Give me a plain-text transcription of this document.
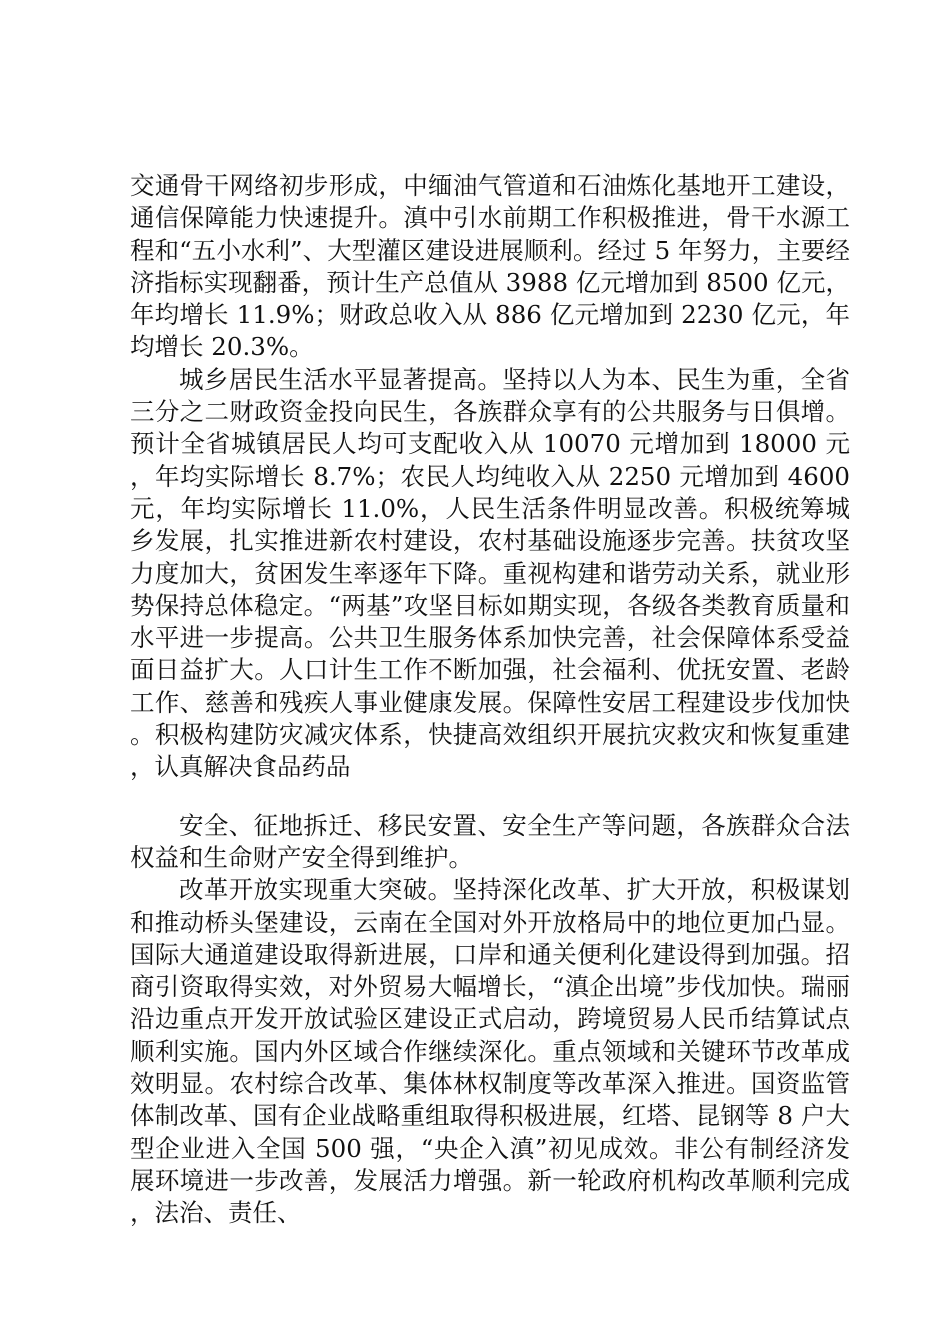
交通骨干网络初步形成，中缅油气管道和石油炼化基地开工建设，通信保障能力快速提升。滇中引水前期工作积极推进，骨干水源工程和“五小水利”、大型灌区建设进展顺利。经过 5 年努力，主要经济指标实现翻番，预计生产总值从 3988 亿元增加到 8500 亿元，年均增长 11.9%；财政总收入从 886 亿元增加到 2230 亿元，年均增长 20.3%。

城乡居民生活水平显著提高。坚持以人为本、民生为重，全省三分之二财政资金投向民生，各族群众享有的公共服务与日俱增。预计全省城镇居民人均可支配收入从 10070 元增加到 18000 元，年均实际增长 8.7%；农民人均纯收入从 2250 元增加到 4600 元，年均实际增长 11.0%，人民生活条件明显改善。积极统筹城乡发展，扎实推进新农村建设，农村基础设施逐步完善。扶贫攻坚力度加大，贫困发生率逐年下降。重视构建和谐劳动关系，就业形势保持总体稳定。“两基”攻坚目标如期实现，各级各类教育质量和水平进一步提高。公共卫生服务体系加快完善，社会保障体系受益面日益扩大。人口计生工作不断加强，社会福利、优抚安置、老龄工作、慈善和残疾人事业健康发展。保障性安居工程建设步伐加快。积极构建防灾减灾体系，快捷高效组织开展抗灾救灾和恢复重建，认真解决食品药品

安全、征地拆迁、移民安置、安全生产等问题，各族群众合法权益和生命财产安全得到维护。

改革开放实现重大突破。坚持深化改革、扩大开放，积极谋划和推动桥头堡建设，云南在全国对外开放格局中的地位更加凸显。国际大通道建设取得新进展，口岸和通关便利化建设得到加强。招商引资取得实效，对外贸易大幅增长，“滇企出境”步伐加快。瑞丽沿边重点开发开放试验区建设正式启动，跨境贸易人民币结算试点顺利实施。国内外区域合作继续深化。重点领域和关键环节改革成效明显。农村综合改革、集体林权制度等改革深入推进。国资监管体制改革、国有企业战略重组取得积极进展，红塔、昆钢等 8 户大型企业进入全国 500 强，“央企入滇”初见成效。非公有制经济发展环境进一步改善，发展活力增强。新一轮政府机构改革顺利完成，法治、责任、
